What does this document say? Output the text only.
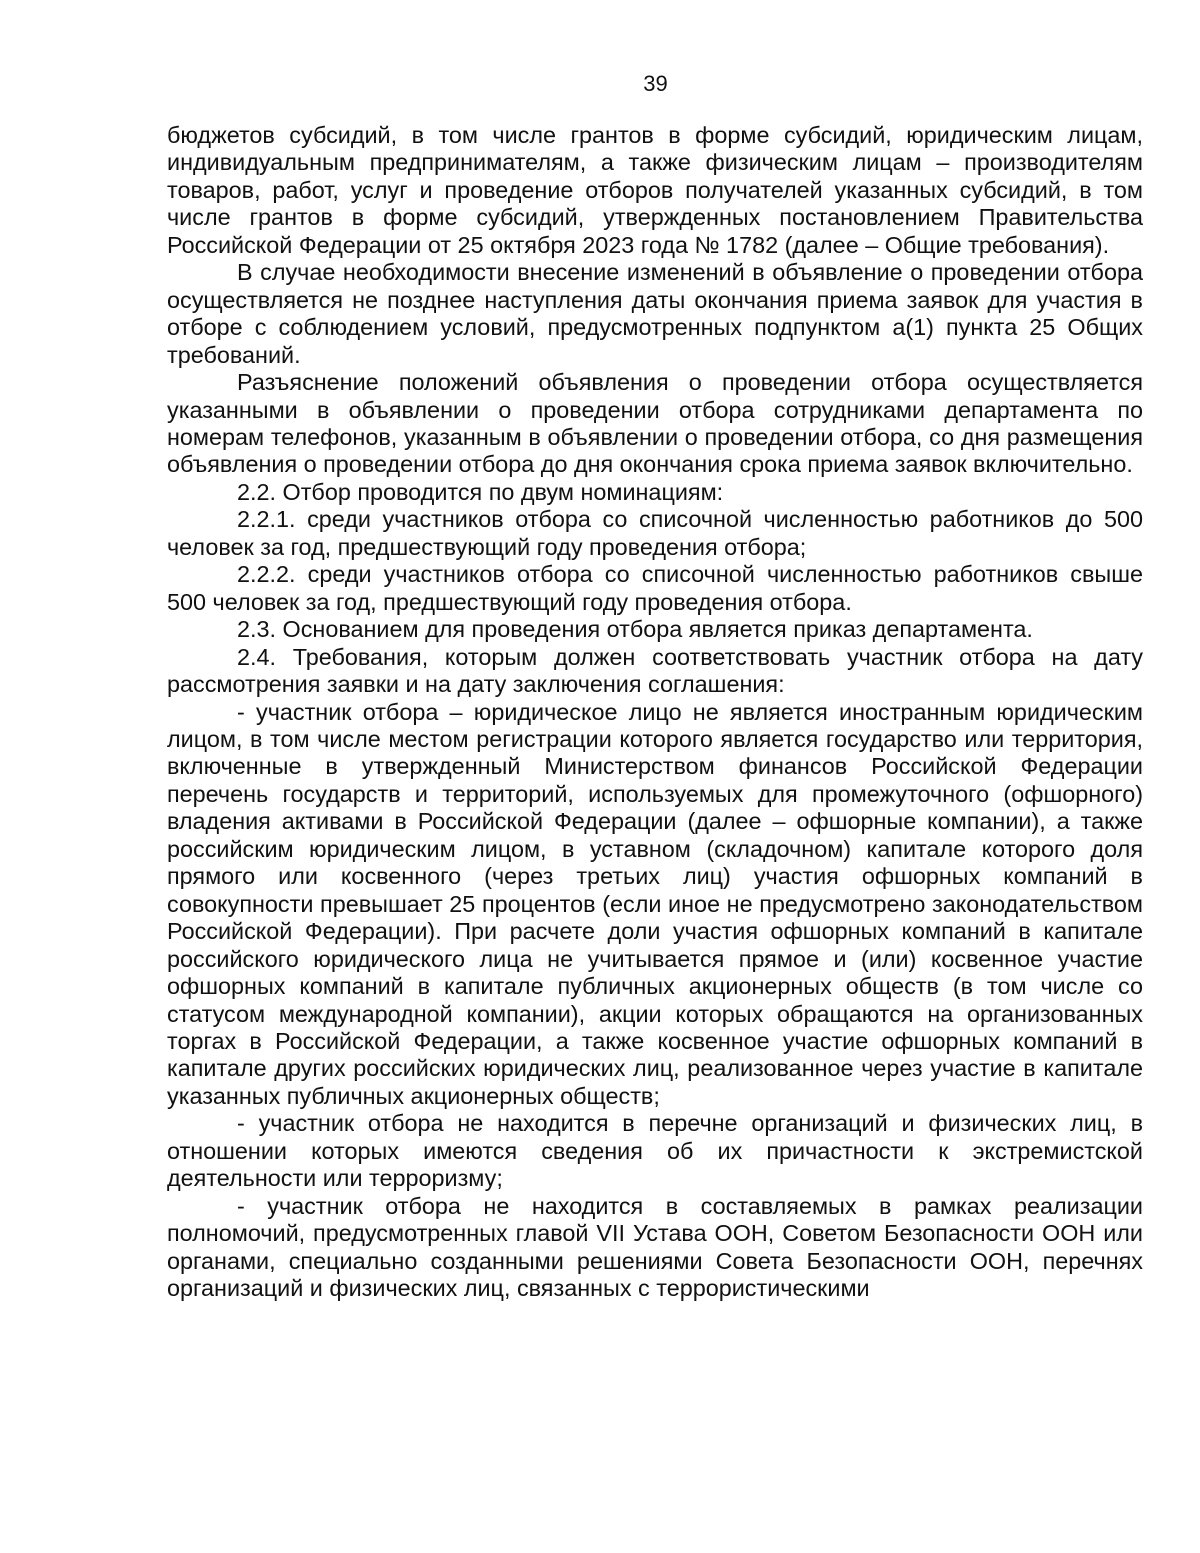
39

бюджетов субсидий, в том числе грантов в форме субсидий, юридическим лицам, индивидуальным предпринимателям, а также физическим лицам – производителям товаров, работ, услуг и проведение отборов получателей указанных субсидий, в том числе грантов в форме субсидий, утвержденных постановлением Правительства Российской Федерации от 25 октября 2023 года № 1782 (далее – Общие требования).

В случае необходимости внесение изменений в объявление о проведении отбора осуществляется не позднее наступления даты окончания приема заявок для участия в отборе с соблюдением условий, предусмотренных подпунктом а(1) пункта 25 Общих требований.

Разъяснение положений объявления о проведении отбора осуществляется указанными в объявлении о проведении отбора сотрудниками департамента по номерам телефонов, указанным в объявлении о проведении отбора, со дня размещения объявления о проведении отбора до дня окончания срока приема заявок включительно.

2.2. Отбор проводится по двум номинациям:

2.2.1. среди участников отбора со списочной численностью работников до 500 человек за год, предшествующий году проведения отбора;

2.2.2. среди участников отбора со списочной численностью работников свыше 500 человек за год, предшествующий году проведения отбора.

2.3. Основанием для проведения отбора является приказ департамента.

2.4. Требования, которым должен соответствовать участник отбора на дату рассмотрения заявки и на дату заключения соглашения:

- участник отбора – юридическое лицо не является иностранным юридическим лицом, в том числе местом регистрации которого является государство или территория, включенные в утвержденный Министерством финансов Российской Федерации перечень государств и территорий, используемых для промежуточного (офшорного) владения активами в Российской Федерации (далее – офшорные компании), а также российским юридическим лицом, в уставном (складочном) капитале которого доля прямого или косвенного (через третьих лиц) участия офшорных компаний в совокупности превышает 25 процентов (если иное не предусмотрено законодательством Российской Федерации). При расчете доли участия офшорных компаний в капитале российского юридического лица не учитывается прямое и (или) косвенное участие офшорных компаний в капитале публичных акционерных обществ (в том числе со статусом международной компании), акции которых обращаются на организованных торгах в Российской Федерации, а также косвенное участие офшорных компаний в капитале других российских юридических лиц, реализованное через участие в капитале указанных публичных акционерных обществ;

- участник отбора не находится в перечне организаций и физических лиц, в отношении которых имеются сведения об их причастности к экстремистской деятельности или терроризму;

- участник отбора не находится в составляемых в рамках реализации полномочий, предусмотренных главой VII Устава ООН, Советом Безопасности ООН или органами, специально созданными решениями Совета Безопасности ООН, перечнях организаций и физических лиц, связанных с террористическими
